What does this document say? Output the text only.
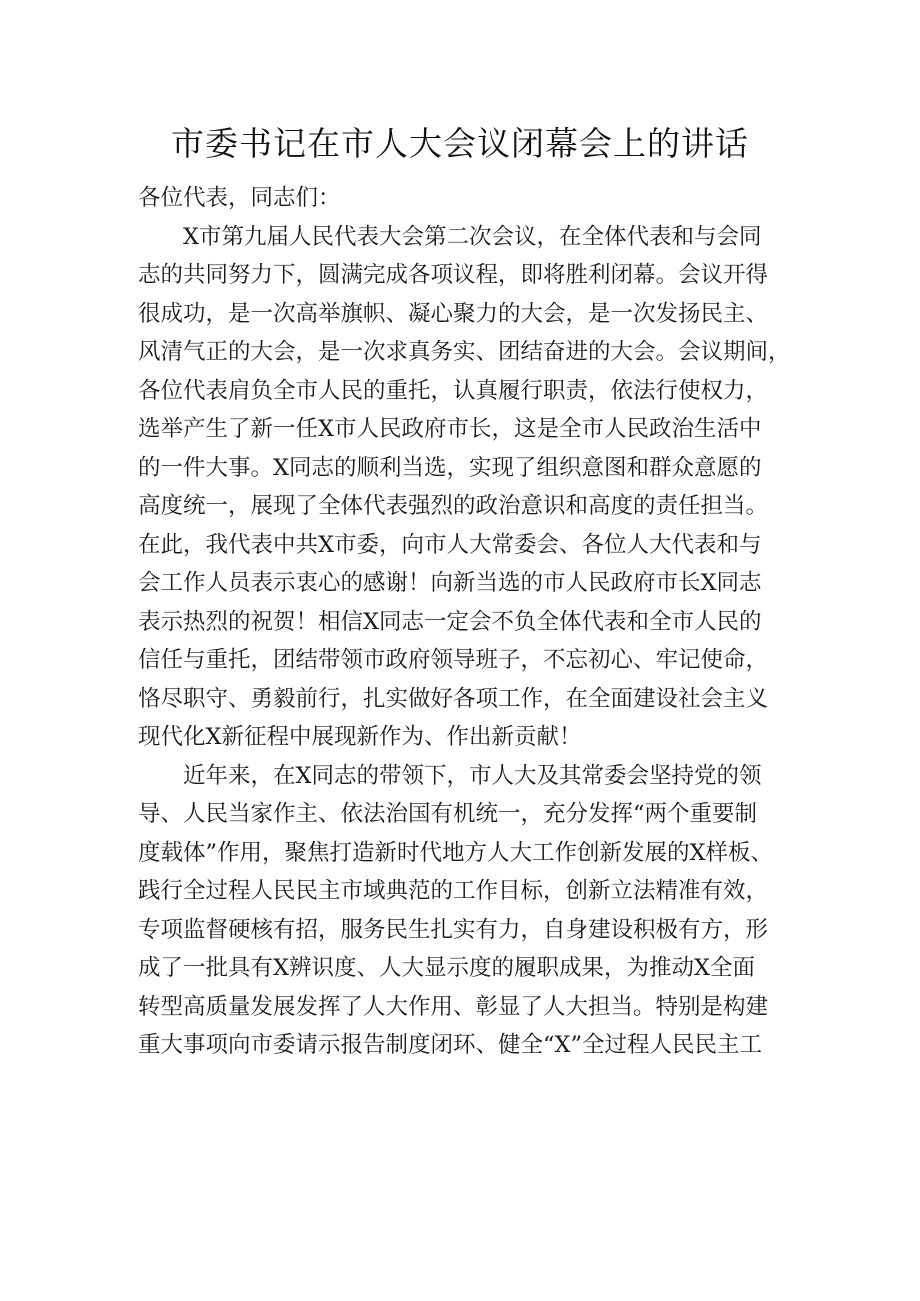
市委书记在市人大会议闭幕会上的讲话
各位代表，同志们：
X市第九届人民代表大会第二次会议，在全体代表和与会同
志的共同努力下，圆满完成各项议程，即将胜利闭幕。会议开得
很成功，是一次高举旗帜、凝心聚力的大会，是一次发扬民主、
风清气正的大会，是一次求真务实、团结奋进的大会。会议期间，
各位代表肩负全市人民的重托，认真履行职责，依法行使权力，
选举产生了新一任X市人民政府市长，这是全市人民政治生活中
的一件大事。X同志的顺利当选，实现了组织意图和群众意愿的
高度统一，展现了全体代表强烈的政治意识和高度的责任担当。
在此，我代表中共X市委，向市人大常委会、各位人大代表和与
会工作人员表示衷心的感谢！向新当选的市人民政府市长X同志
表示热烈的祝贺！相信X同志一定会不负全体代表和全市人民的
信任与重托，团结带领市政府领导班子，不忘初心、牢记使命，
恪尽职守、勇毅前行，扎实做好各项工作，在全面建设社会主义
现代化X新征程中展现新作为、作出新贡献！
近年来，在X同志的带领下，市人大及其常委会坚持党的领
导、人民当家作主、依法治国有机统一，充分发挥“两个重要制
度载体”作用，聚焦打造新时代地方人大工作创新发展的X样板、
践行全过程人民民主市域典范的工作目标，创新立法精准有效，
专项监督硬核有招，服务民生扎实有力，自身建设积极有方，形
成了一批具有X辨识度、人大显示度的履职成果，为推动X全面
转型高质量发展发挥了人大作用、彰显了人大担当。特别是构建
重大事项向市委请示报告制度闭环、健全“X”全过程人民民主工
